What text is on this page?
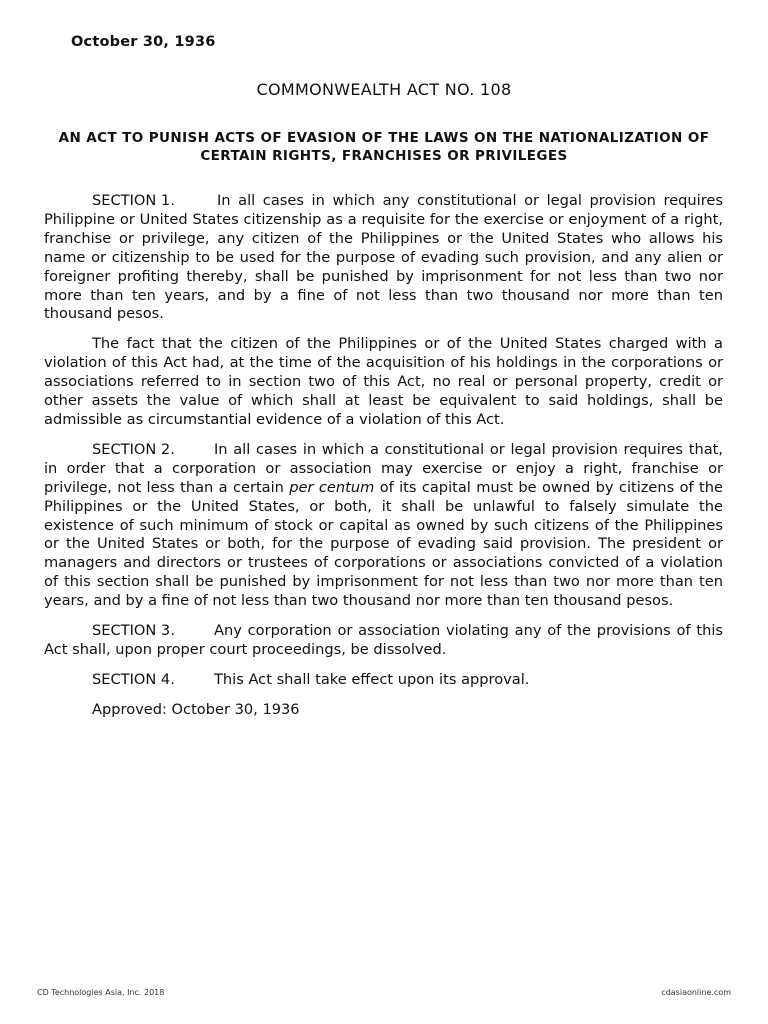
October 30, 1936
COMMONWEALTH ACT NO. 108
AN ACT TO PUNISH ACTS OF EVASION OF THE LAWS ON THE NATIONALIZATION OF CERTAIN RIGHTS, FRANCHISES OR PRIVILEGES

SECTION 1.	In all cases in which any constitutional or legal provision requires Philippine or United States citizenship as a requisite for the exercise or enjoyment of a right, franchise or privilege, any citizen of the Philippines or the United States who allows his name or citizenship to be used for the purpose of evading such provision, and any alien or foreigner profiting thereby, shall be punished by imprisonment for not less than two nor more than ten years, and by a fine of not less than two thousand nor more than ten thousand pesos.

The fact that the citizen of the Philippines or of the United States charged with a violation of this Act had, at the time of the acquisition of his holdings in the corporations or associations referred to in section two of this Act, no real or personal property, credit or other assets the value of which shall at least be equivalent to said holdings, shall be admissible as circumstantial evidence of a violation of this Act.

SECTION 2.	In all cases in which a constitutional or legal provision requires that, in order that a corporation or association may exercise or enjoy a right, franchise or privilege, not less than a certain per centum of its capital must be owned by citizens of the Philippines or the United States, or both, it shall be unlawful to falsely simulate the existence of such minimum of stock or capital as owned by such citizens of the Philippines or the United States or both, for the purpose of evading said provision. The president or managers and directors or trustees of corporations or associations convicted of a violation of this section shall be punished by imprisonment for not less than two nor more than ten years, and by a fine of not less than two thousand nor more than ten thousand pesos.

SECTION 3.	Any corporation or association violating any of the provisions of this Act shall, upon proper court proceedings, be dissolved.

SECTION 4.	This Act shall take effect upon its approval.

Approved: October 30, 1936

CD Technologies Asia, Inc. 2018	cdasiaonline.com
